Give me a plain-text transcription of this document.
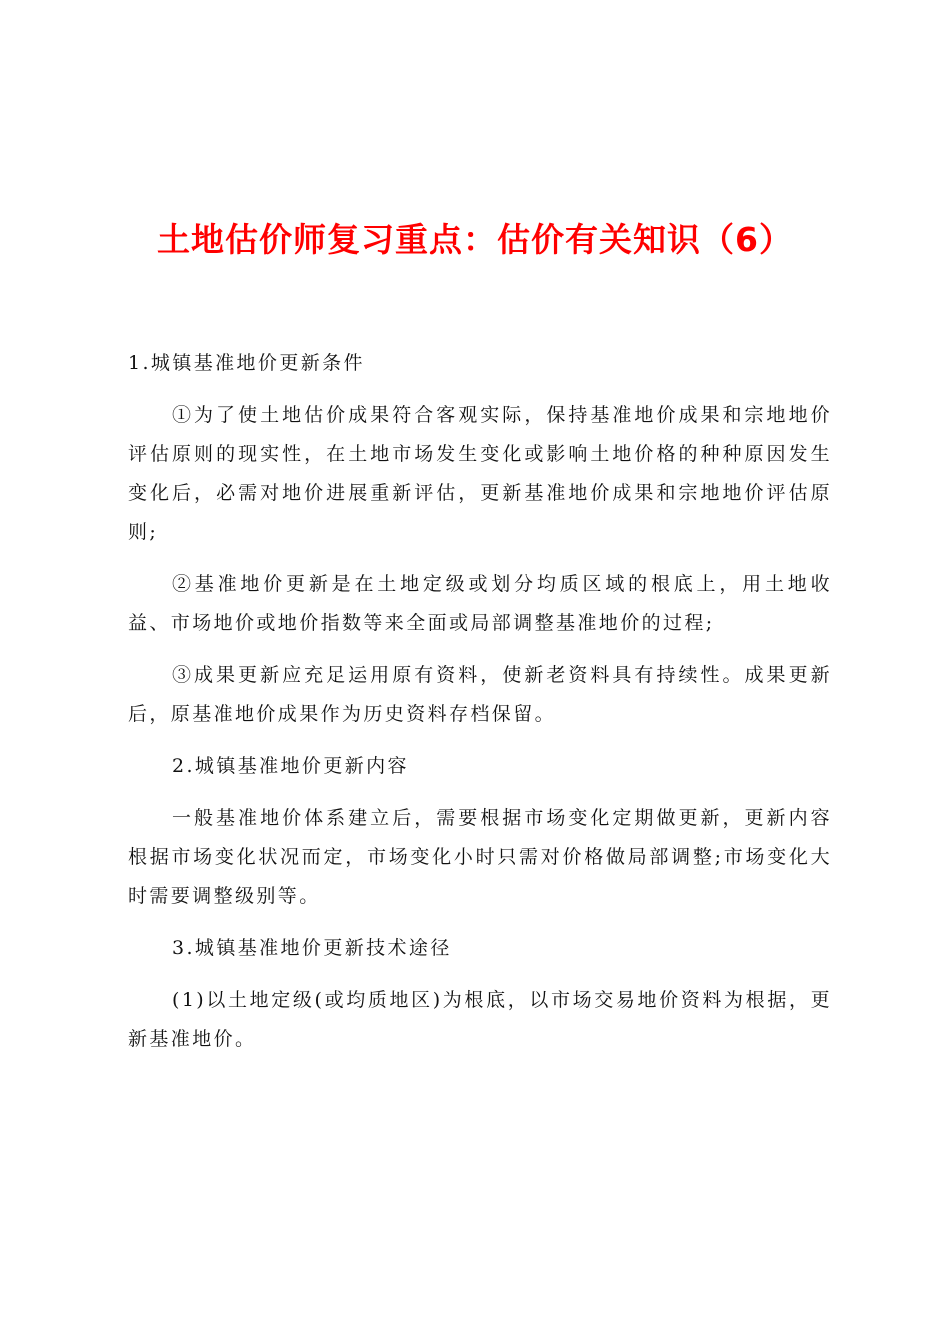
土地估价师复习重点：估价有关知识（6）

1.城镇基准地价更新条件

①为了使土地估价成果符合客观实际，保持基准地价成果和宗地地价评估原则的现实性，在土地市场发生变化或影响土地价格的种种原因发生变化后，必需对地价进展重新评估，更新基准地价成果和宗地地价评估原则;

②基准地价更新是在土地定级或划分均质区域的根底上，用土地收益、市场地价或地价指数等来全面或局部调整基准地价的过程;

③成果更新应充足运用原有资料，使新老资料具有持续性。成果更新后，原基准地价成果作为历史资料存档保留。

2.城镇基准地价更新内容

一般基准地价体系建立后，需要根据市场变化定期做更新，更新内容根据市场变化状况而定，市场变化小时只需对价格做局部调整;市场变化大时需要调整级别等。

3.城镇基准地价更新技术途径

(1)以土地定级(或均质地区)为根底，以市场交易地价资料为根据，更新基准地价。
